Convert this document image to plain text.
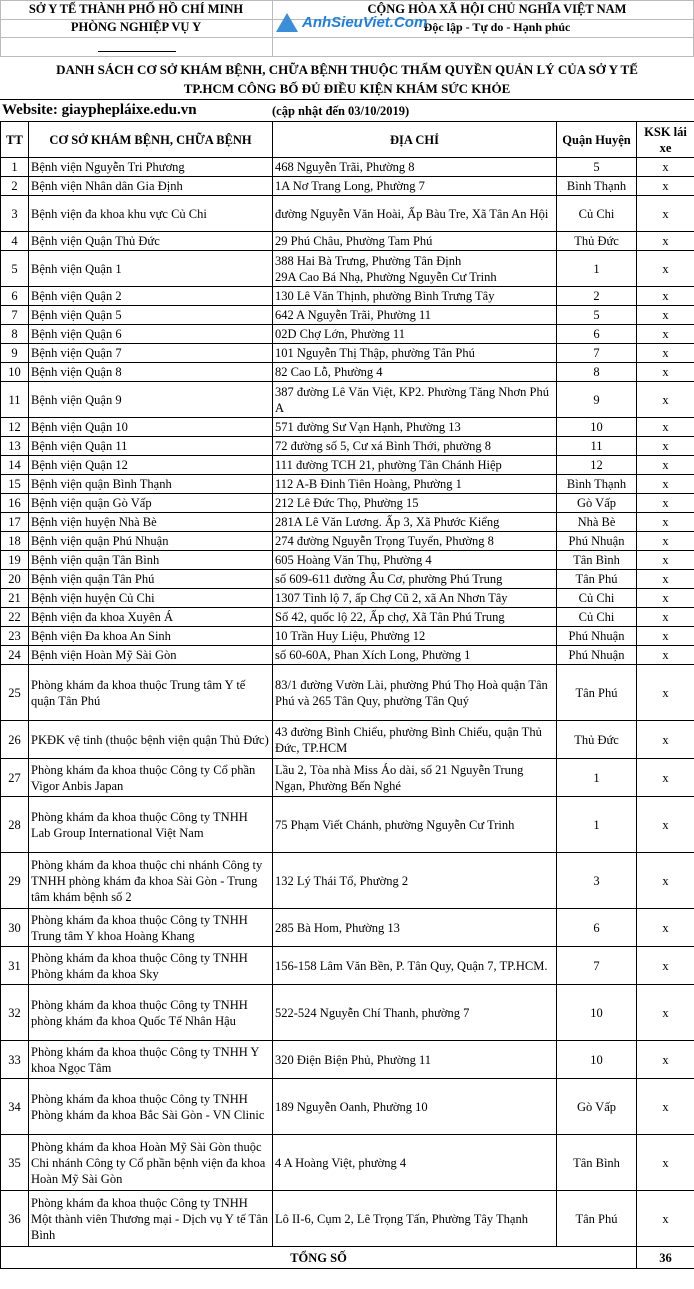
SỞ Y TẾ THÀNH PHỐ HỒ CHÍ MINH
PHÒNG NGHIỆP VỤ Y
CỘNG HÒA XÃ HỘI CHỦ NGHĨA VIỆT NAM
Độc lập - Tự do - Hạnh phúc
AnhSieuViet.Com
DANH SÁCH CƠ SỞ KHÁM BỆNH, CHỮA BỆNH THUỘC THẨM QUYỀN QUẢN LÝ CỦA SỞ Y TẾ
TP.HCM CÔNG BỐ ĐỦ ĐIỀU KIỆN KHÁM SỨC KHỎE
Website: giayphepláixe.edu.vn	(cập nhật đến 03/10/2019)
TT	CƠ SỞ KHÁM BỆNH, CHỮA BỆNH	ĐỊA CHỈ	Quận Huyện	KSK lái xe
1	Bệnh viện Nguyễn Tri Phương	468 Nguyễn Trãi, Phường 8	5	x
2	Bệnh viện Nhân dân Gia Định	1A Nơ Trang Long, Phường 7	Bình Thạnh	x
3	Bệnh viện đa khoa khu vực Củ Chi	đường Nguyễn Văn Hoài, Ấp Bàu Tre, Xã Tân An Hội	Củ Chi	x
4	Bệnh viện Quận Thủ Đức	29 Phú Châu, Phường Tam Phú	Thủ Đức	x
5	Bệnh viện Quận 1	388 Hai Bà Trưng, Phường Tân Định
29A Cao Bá Nhạ, Phường Nguyễn Cư Trinh	1	x
6	Bệnh viện Quận 2	130 Lê Văn Thịnh, phường Bình Trưng Tây	2	x
7	Bệnh viện Quận 5	642 A Nguyễn Trãi, Phường 11	5	x
8	Bệnh viện Quận 6	02D Chợ Lớn, Phường 11	6	x
9	Bệnh viện Quận 7	101 Nguyễn Thị Thập, phường Tân Phú	7	x
10	Bệnh viện Quận 8	82 Cao Lỗ, Phường 4	8	x
11	Bệnh viện Quận 9	387 đường Lê Văn Việt, KP2. Phường Tăng Nhơn Phú A	9	x
12	Bệnh viện Quận 10	571 đường Sư Vạn Hạnh, Phường 13	10	x
13	Bệnh viện Quận 11	72 đường số 5, Cư xá Bình Thới, phường 8	11	x
14	Bệnh viện Quận 12	111 đường TCH 21, phường Tân Chánh Hiệp	12	x
15	Bệnh viện quận Bình Thạnh	112 A-B Đinh Tiên Hoàng, Phường 1	Bình Thạnh	x
16	Bệnh viện quận Gò Vấp	212 Lê Đức Thọ, Phường 15	Gò Vấp	x
17	Bệnh viện huyện Nhà Bè	281A Lê Văn Lương. Ấp 3, Xã Phước Kiểng	Nhà Bè	x
18	Bệnh viện quận Phú Nhuận	274 đường Nguyễn Trọng Tuyển, Phường 8	Phú Nhuận	x
19	Bệnh viện quận Tân Bình	605 Hoàng Văn Thụ, Phường 4	Tân Bình	x
20	Bệnh viện quận Tân Phú	số 609-611 đường Âu Cơ, phường Phú Trung	Tân Phú	x
21	Bệnh viện huyện Củ Chi	1307 Tỉnh lộ 7, ấp Chợ Cũ 2, xã An Nhơn Tây	Củ Chi	x
22	Bệnh viện đa khoa Xuyên Á	Số 42, quốc lộ 22, Ấp chợ, Xã Tân Phú Trung	Củ Chi	x
23	Bệnh viện Đa khoa An Sinh	10 Trần Huy Liệu, Phường 12	Phú Nhuận	x
24	Bệnh viện Hoàn Mỹ Sài Gòn	số 60-60A, Phan Xích Long, Phường 1	Phú Nhuận	x
25	Phòng khám đa khoa thuộc Trung tâm Y tế quận Tân Phú	83/1 đường Vườn Lài, phường Phú Thọ Hoà quận Tân Phú và 265 Tân Quy, phường Tân Quý	Tân Phú	x
26	PKĐK vệ tinh (thuộc bệnh viện quận Thủ Đức)	43 đường Bình Chiểu, phường Bình Chiểu, quận Thủ Đức, TP.HCM	Thủ Đức	x
27	Phòng khám đa khoa thuộc Công ty Cổ phần Vigor Anbis Japan	Lầu 2, Tòa nhà Miss Áo dài, số 21 Nguyễn Trung Ngạn, Phường Bến Nghé	1	x
28	Phòng khám đa khoa thuộc Công ty TNHH Lab Group International Việt Nam	75 Phạm Viết Chánh, phường Nguyễn Cư Trinh	1	x
29	Phòng khám đa khoa thuộc chi nhánh Công ty TNHH phòng khám đa khoa Sài Gòn - Trung tâm khám bệnh số 2	132 Lý Thái Tổ, Phường 2	3	x
30	Phòng khám đa khoa thuộc Công ty TNHH Trung tâm Y khoa Hoàng Khang	285 Bà Hom, Phường 13	6	x
31	Phòng khám đa khoa thuộc Công ty TNHH Phòng khám đa khoa Sky	156-158 Lâm Văn Bền, P. Tân Quy, Quận 7, TP.HCM.	7	x
32	Phòng khám đa khoa thuộc Công ty TNHH phòng khám đa khoa Quốc Tế Nhân Hậu	522-524 Nguyễn Chí Thanh, phường 7	10	x
33	Phòng khám đa khoa thuộc Công ty TNHH Y khoa Ngọc Tâm	320 Điện Biện Phủ, Phường 11	10	x
34	Phòng khám đa khoa thuộc Công ty TNHH Phòng khám đa khoa Bắc Sài Gòn - VN Clinic	189 Nguyễn Oanh, Phường 10	Gò Vấp	x
35	Phòng khám đa khoa Hoàn Mỹ Sài Gòn thuộc Chi nhánh Công ty Cổ phần bệnh viện đa khoa Hoàn Mỹ Sài Gòn	4 A Hoàng Việt, phường 4	Tân Bình	x
36	Phòng khám đa khoa thuộc Công ty TNHH Một thành viên Thương mại - Dịch vụ Y tế Tân Bình	Lô II-6, Cụm 2, Lê Trọng Tấn, Phường Tây Thạnh	Tân Phú	x
TỔNG SỐ				36
